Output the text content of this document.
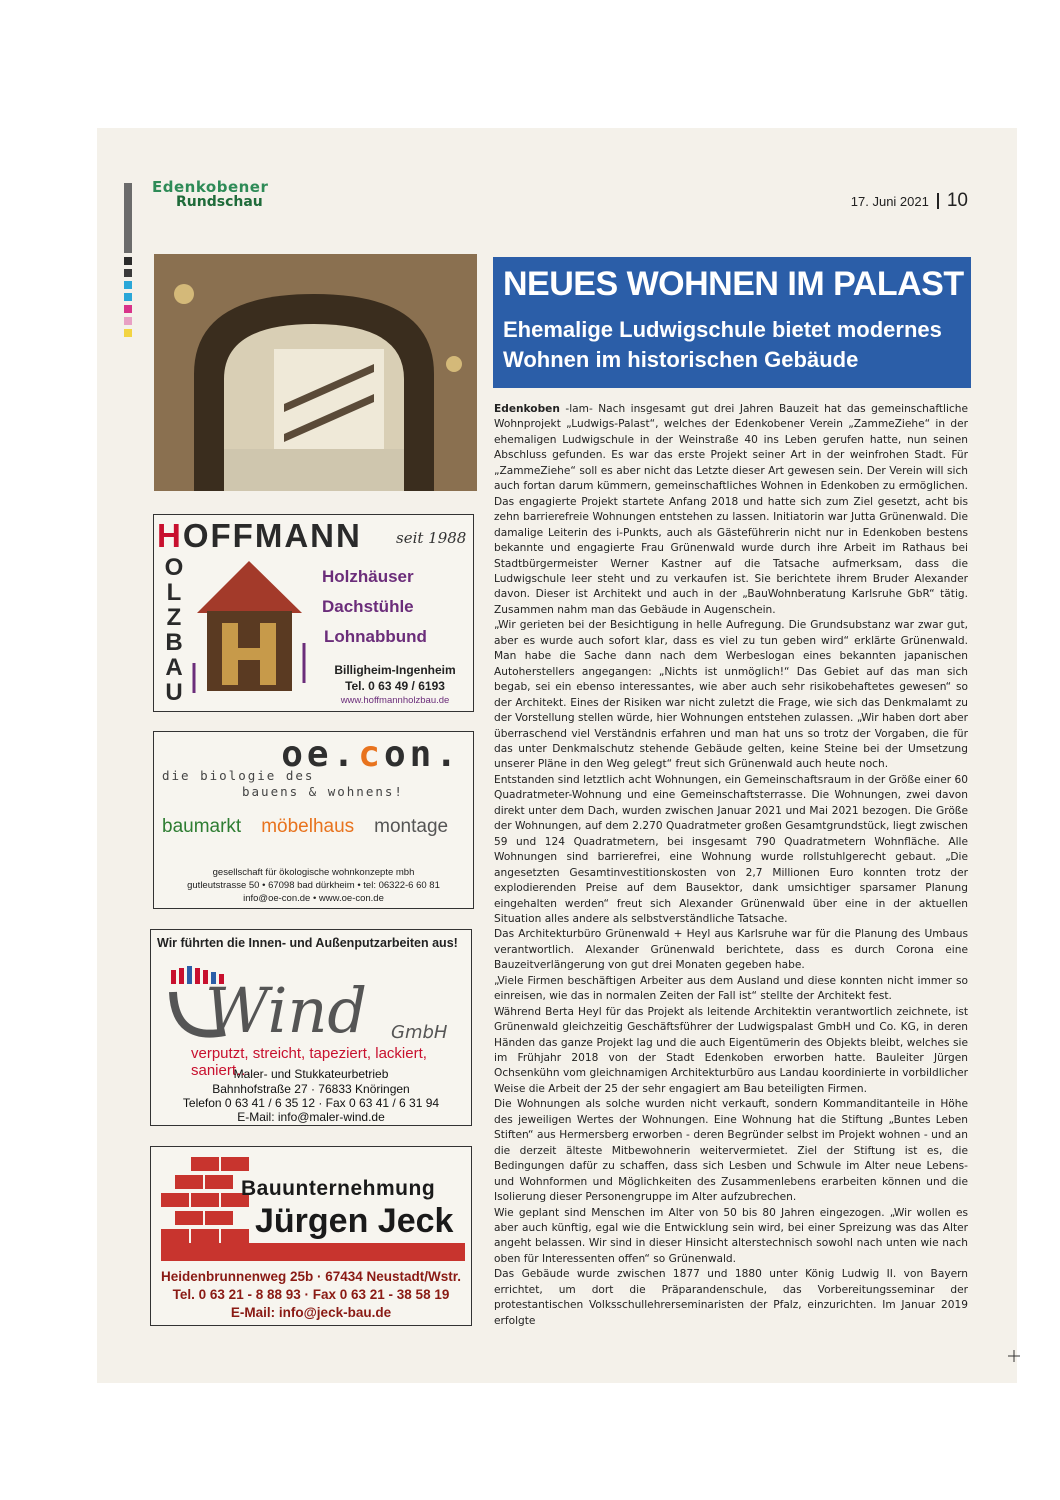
Edenkobener
Rundschau	17. Juni 2021 10
HOFFMANN seit 1988
O
L
Z
B
A
U
Holzhäuser
Dachstühle
Lohnabbund
Billigheim-Ingenheim
Tel. 0 63 49 / 6193
www.hoffmannholzbau.de
oe.con.
die biologie des
bauens & wohnens!
baumarkt möbelhaus montage
gesellschaft für ökologische wohnkonzepte mbh
gutleutstrasse 50 • 67098 bad dürkheim • tel: 06322-6 60 81
info@oe-con.de • www.oe-con.de
Wir führten die Innen- und Außenputzarbeiten aus!
Wind GmbH
verputzt, streicht, tapeziert, lackiert, saniert…
Maler- und Stukkateurbetrieb
Bahnhofstraße 27 · 76833 Knöringen
Telefon 0 63 41 / 6 35 12 · Fax 0 63 41 / 6 31 94
E-Mail: info@maler-wind.de
Bauunternehmung
Jürgen Jeck
Heidenbrunnenweg 25b · 67434 Neustadt/Wstr.
Tel. 0 63 21 - 8 88 93 · Fax 0 63 21 - 38 58 19
E-Mail: info@jeck-bau.de
NEUES WOHNEN IM PALAST
Ehemalige Ludwigschule bietet modernes Wohnen im historischen Gebäude

Edenkoben -lam- Nach insgesamt gut drei Jahren Bauzeit hat das gemeinschaftliche Wohnprojekt „Ludwigs-Palast“, welches der Edenkobener Verein „ZammeZiehe“ in der ehemaligen Ludwigschule in der Weinstraße 40 ins Leben gerufen hatte, nun seinen Abschluss gefunden. Es war das erste Projekt seiner Art in der weinfrohen Stadt. Für „ZammeZiehe“ soll es aber nicht das Letzte dieser Art gewesen sein. Der Verein will sich auch fortan darum kümmern, gemeinschaftliches Wohnen in Edenkoben zu ermöglichen. Das engagierte Projekt startete Anfang 2018 und hatte sich zum Ziel gesetzt, acht bis zehn barrierefreie Wohnungen entstehen zu lassen. Initiatorin war Jutta Grünenwald. Die damalige Leiterin des i-Punkts, auch als Gästeführerin nicht nur in Edenkoben bestens bekannte und engagierte Frau Grünenwald wurde durch ihre Arbeit im Rathaus bei Stadtbürgermeister Werner Kastner auf die Tatsache aufmerksam, dass die Ludwigschule leer steht und zu verkaufen ist. Sie berichtete ihrem Bruder Alexander davon. Dieser ist Architekt und auch in der „BauWohnberatung Karlsruhe GbR“ tätig. Zusammen nahm man das Gebäude in Augenschein.

„Wir gerieten bei der Besichtigung in helle Aufregung. Die Grundsubstanz war zwar gut, aber es wurde auch sofort klar, dass es viel zu tun geben wird“ erklärte Grünenwald. Man habe die Sache dann nach dem Werbeslogan eines bekannten japanischen Autoherstellers angegangen: „Nichts ist unmöglich!“ Das Gebiet auf das man sich begab, sei ein ebenso interessantes, wie aber auch sehr risikobehaftetes gewesen“ so der Architekt. Eines der Risiken war nicht zuletzt die Frage, wie sich das Denkmalamt zu der Vorstellung stellen würde, hier Wohnungen entstehen zulassen. „Wir haben dort aber überraschend viel Verständnis erfahren und man hat uns so trotz der Vorgaben, die für das unter Denkmalschutz stehende Gebäude gelten, keine Steine bei der Umsetzung unserer Pläne in den Weg gelegt“ freut sich Grünenwald auch heute noch.

Entstanden sind letztlich acht Wohnungen, ein Gemeinschaftsraum in der Größe einer 60 Quadratmeter-Wohnung und eine Gemeinschaftsterrasse. Die Wohnungen, zwei davon direkt unter dem Dach, wurden zwischen Januar 2021 und Mai 2021 bezogen. Die Größe der Wohnungen, auf dem 2.270 Quadratmeter großen Gesamtgrundstück, liegt zwischen 59 und 124 Quadratmetern, bei insgesamt 790 Quadratmetern Wohnfläche. Alle Wohnungen sind barrierefrei, eine Wohnung wurde rollstuhlgerecht gebaut. „Die angesetzten Gesamtinvestitionskosten von 2,7 Millionen Euro konnten trotz der explodierenden Preise auf dem Bausektor, dank umsichtiger sparsamer Planung eingehalten werden“ freut sich Alexander Grünenwald über eine in der aktuellen Situation alles andere als selbstverständliche Tatsache.

Das Architekturbüro Grünenwald + Heyl aus Karlsruhe war für die Planung des Umbaus verantwortlich. Alexander Grünenwald berichtete, dass es durch Corona eine Bauzeitverlängerung von gut drei Monaten gegeben habe.

„Viele Firmen beschäftigen Arbeiter aus dem Ausland und diese konnten nicht immer so einreisen, wie das in normalen Zeiten der Fall ist“ stellte der Architekt fest.

Während Berta Heyl für das Projekt als leitende Architektin verantwortlich zeichnete, ist Grünenwald gleichzeitig Geschäftsführer der Ludwigspalast GmbH und Co. KG, in deren Händen das ganze Projekt lag und die auch Eigentümerin des Objekts bleibt, welches sie im Frühjahr 2018 von der Stadt Edenkoben erworben hatte. Bauleiter Jürgen Ochsenkühn vom gleichnamigen Architekturbüro aus Landau koordinierte in vorbildlicher Weise die Arbeit der 25 der sehr engagiert am Bau beteiligten Firmen.

Die Wohnungen als solche wurden nicht verkauft, sondern Kommanditanteile in Höhe des jeweiligen Wertes der Wohnungen. Eine Wohnung hat die Stiftung „Buntes Leben Stiften“ aus Hermersberg erworben - deren Begründer selbst im Projekt wohnen - und an die derzeit älteste Mitbewohnerin weitervermietet. Ziel der Stiftung ist es, die Bedingungen dafür zu schaffen, dass sich Lesben und Schwule im Alter neue Lebens- und Wohnformen und Möglichkeiten des Zusammenlebens erarbeiten können und die Isolierung dieser Personengruppe im Alter aufzubrechen.

Wie geplant sind Menschen im Alter von 50 bis 80 Jahren eingezogen. „Wir wollen es aber auch künftig, egal wie die Entwicklung sein wird, bei einer Spreizung was das Alter angeht belassen. Wir sind in dieser Hinsicht alterstechnisch sowohl nach unten wie nach oben für Interessenten offen“ so Grünenwald.

Das Gebäude wurde zwischen 1877 und 1880 unter König Ludwig II. von Bayern errichtet, um dort die Präparandenschule, das Vorbereitungsseminar der protestantischen Volksschullehrerseminaristen der Pfalz, einzurichten. Im Januar 2019 erfolgte
